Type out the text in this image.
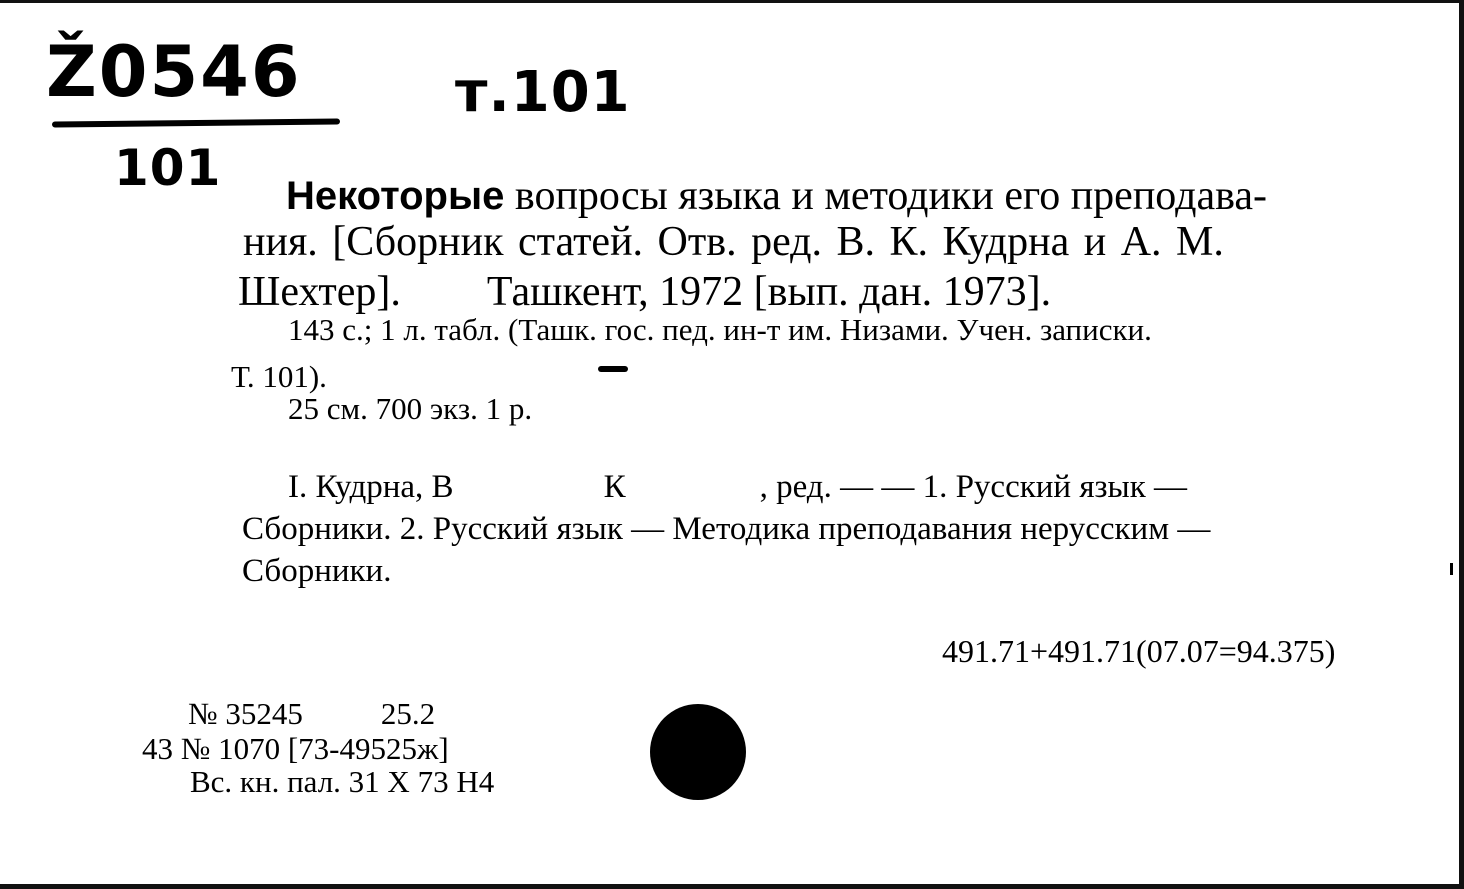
Ž0546	т.101
101 Некоторые вопросы языка и методики его преподава-
ния. [Сборник статей. Отв. ред. В. К. Кудрна и А. М.
Шехтер]. Ташкент, 1972 [вып. дан. 1973].
143 с.; 1 л. табл. (Ташк. гос. пед. ин-т им. Низами. Учен. записки.
Т. 101).
25 см. 700 экз. 1 р.
I. Кудрна, В	К	, ред. — — 1. Русский язык —
Сборники. 2. Русский язык — Методика преподавания нерусским —
Сборники.
491.71+491.71(07.07=94.375)
№ 35245	25.2
43 № 1070 [73-49525ж]
Вс. кн. пал. 31 X 73 Н4
